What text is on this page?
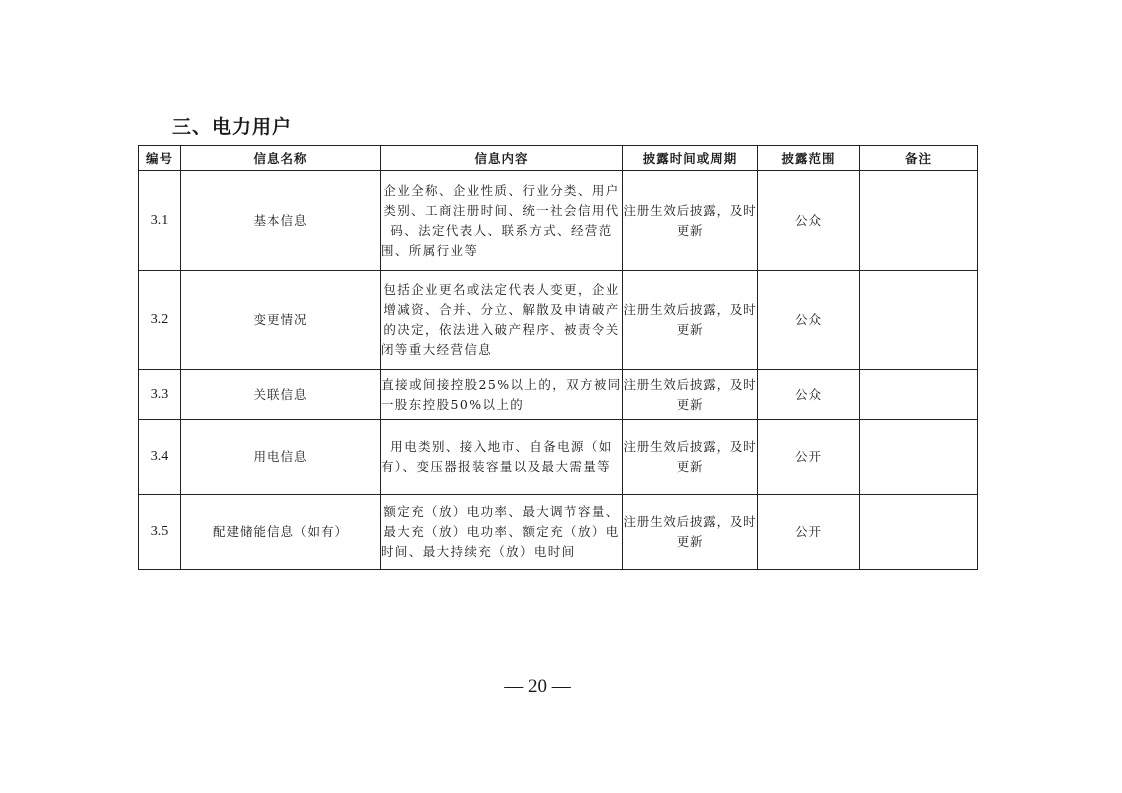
三、电力用户
编号	信息名称	信息内容	披露时间或周期	披露范围	备注
3.1	基本信息	企业全称、企业性质、行业分类、用户类别、工商注册时间、统一社会信用代码、法定代表人、联系方式、经营范围、所属行业等	注册生效后披露，及时更新	公众	
3.2	变更情况	包括企业更名或法定代表人变更，企业增减资、合并、分立、解散及申请破产的决定，依法进入破产程序、被责令关闭等重大经营信息	注册生效后披露，及时更新	公众	
3.3	关联信息	直接或间接控股25%以上的，双方被同一股东控股50%以上的	注册生效后披露，及时更新	公众	
3.4	用电信息	用电类别、接入地市、自备电源（如有）、变压器报装容量以及最大需量等	注册生效后披露，及时更新	公开	
3.5	配建储能信息（如有）	额定充（放）电功率、最大调节容量、最大充（放）电功率、额定充（放）电时间、最大持续充（放）电时间	注册生效后披露，及时更新	公开	
— 20 —
